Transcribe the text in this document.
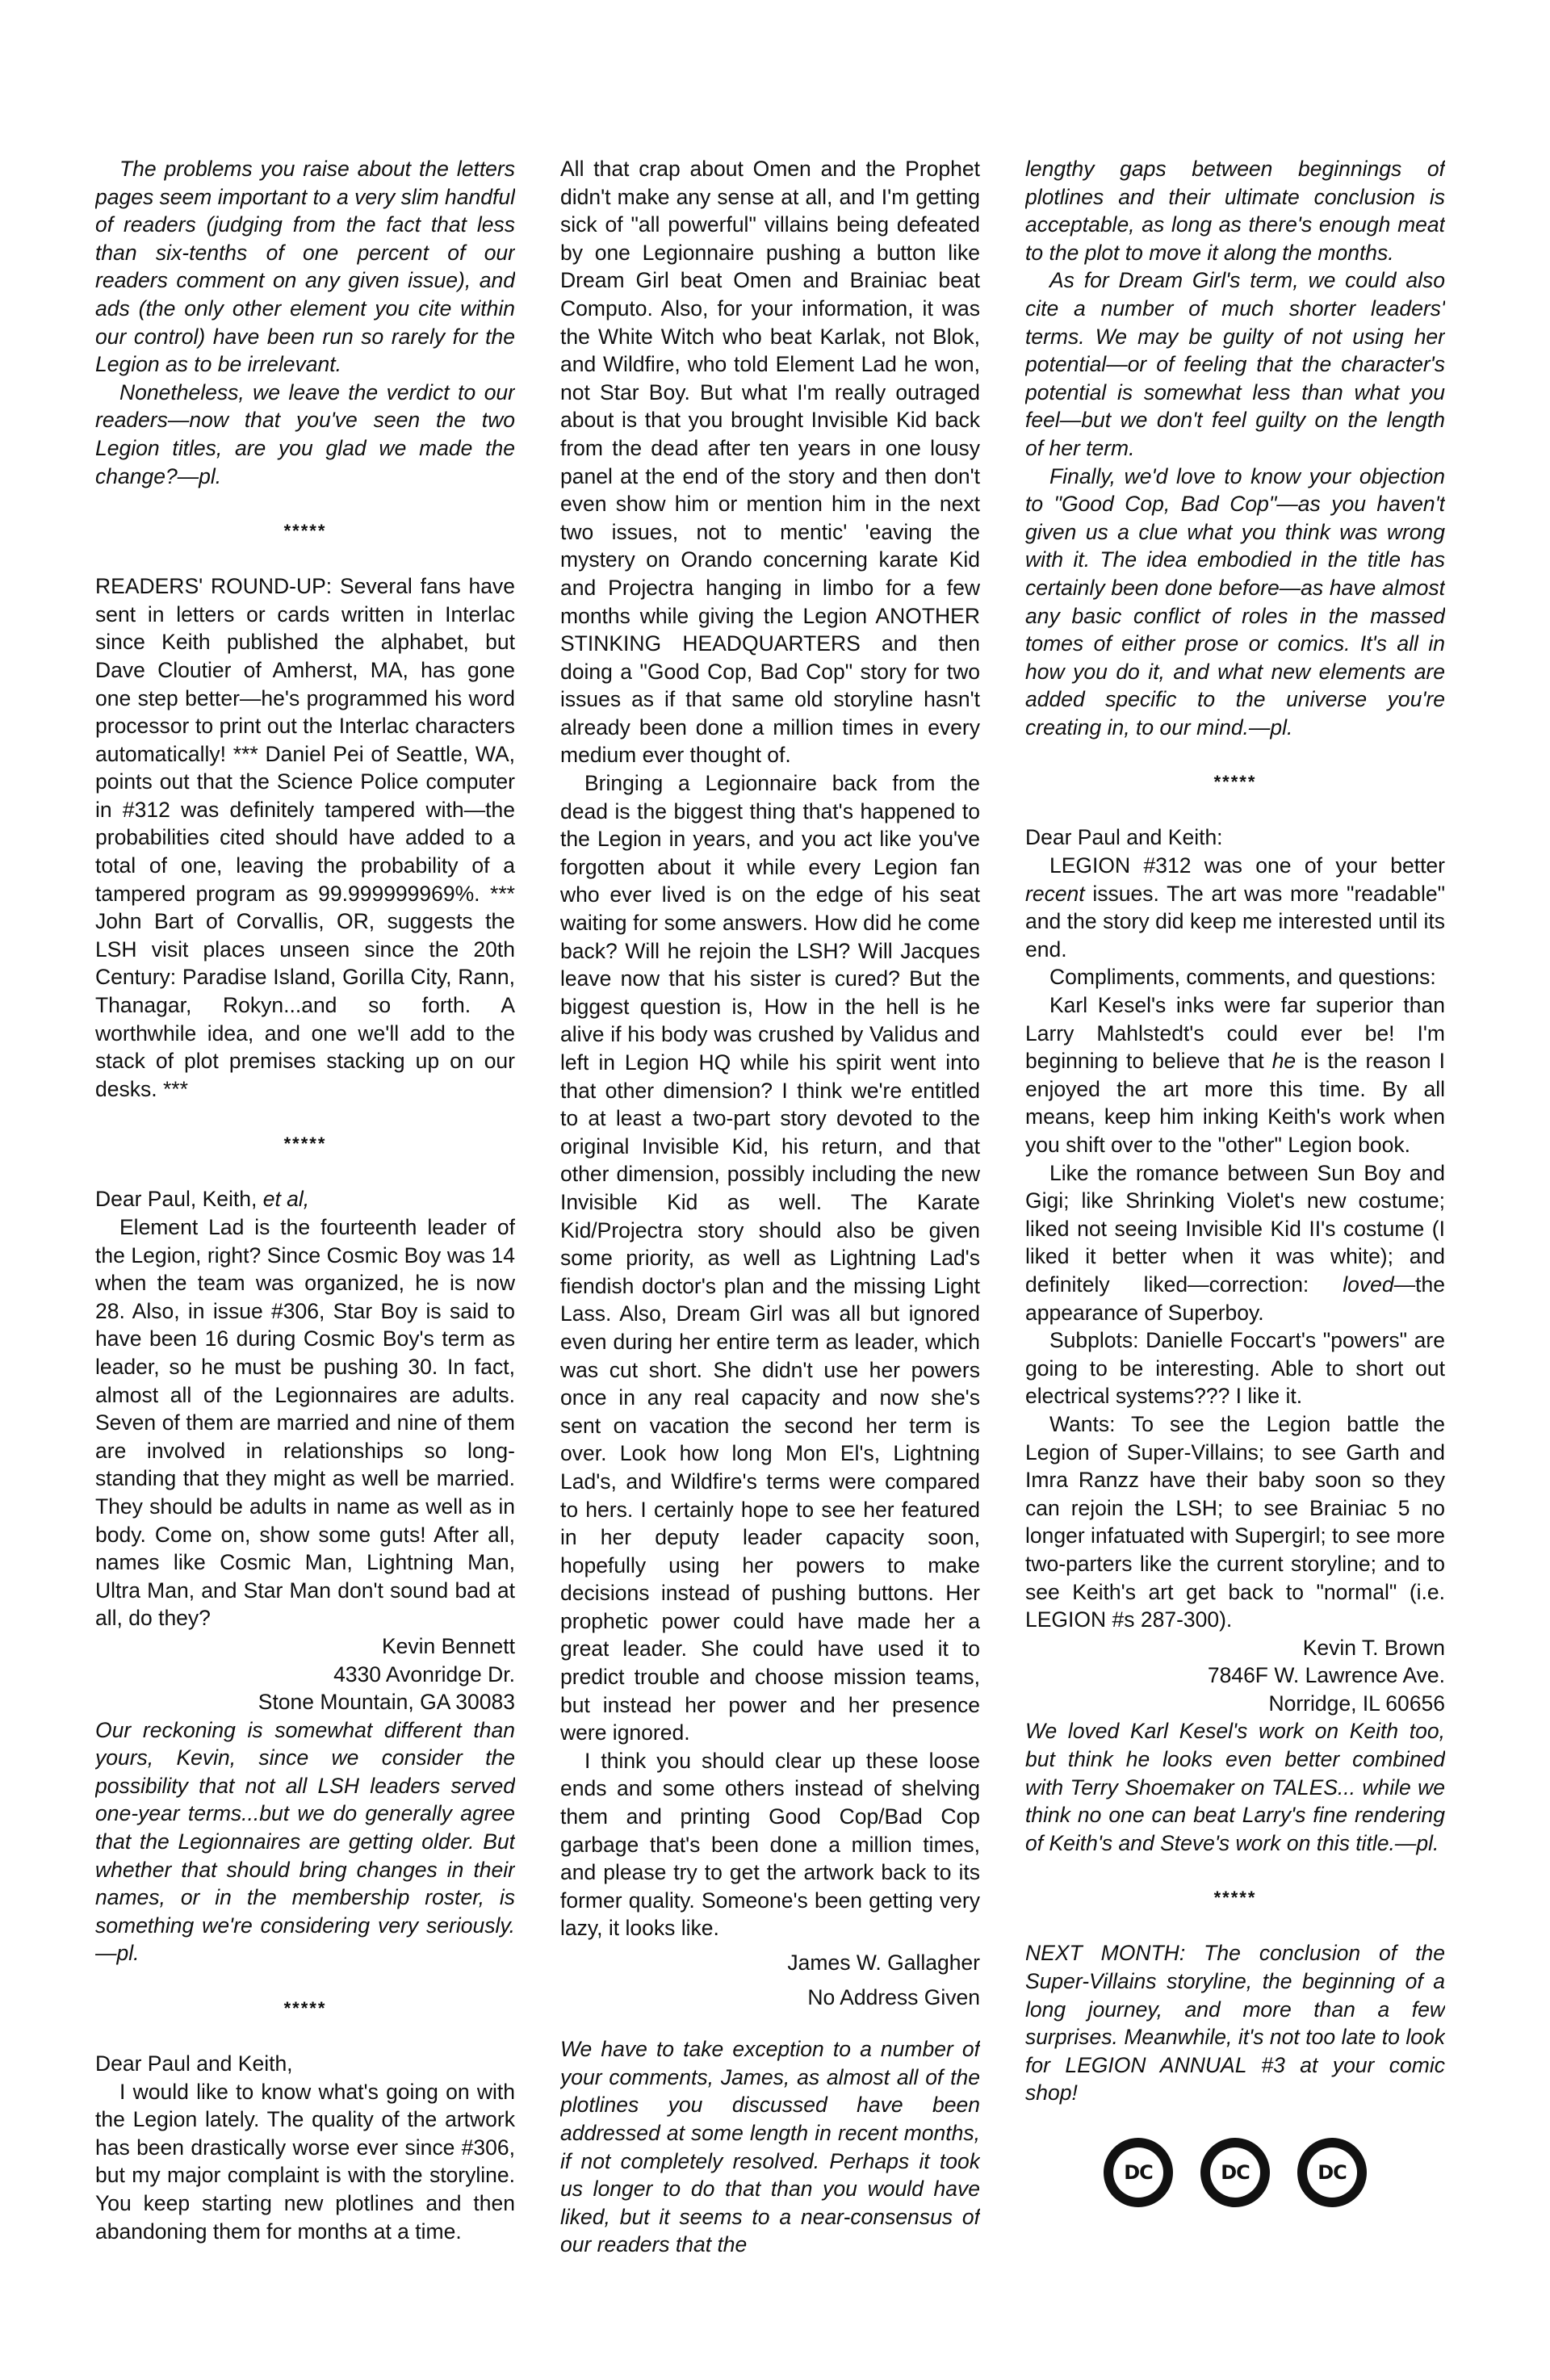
The problems you raise about the letters pages seem important to a very slim handful of readers (judging from the fact that less than six-tenths of one percent of our readers comment on any given issue), and ads (the only other element you cite within our control) have been run so rarely for the Legion as to be irrelevant.

Nonetheless, we leave the verdict to our readers—now that you've seen the two Legion titles, are you glad we made the change?—pl.

*****

READERS' ROUND-UP: Several fans have sent in letters or cards written in Interlac since Keith published the alphabet, but Dave Cloutier of Amherst, MA, has gone one step better—he's programmed his word processor to print out the Interlac characters automatically! *** Daniel Pei of Seattle, WA, points out that the Science Police computer in #312 was definitely tampered with—the probabilities cited should have added to a total of one, leaving the probability of a tampered program as 99.999999969%. *** John Bart of Corvallis, OR, suggests the LSH visit places unseen since the 20th Century: Paradise Island, Gorilla City, Rann, Thanagar, Rokyn...and so forth. A worthwhile idea, and one we'll add to the stack of plot premises stacking up on our desks. ***

*****

Dear Paul, Keith, et al,

Element Lad is the fourteenth leader of the Legion, right? Since Cosmic Boy was 14 when the team was organized, he is now 28. Also, in issue #306, Star Boy is said to have been 16 during Cosmic Boy's term as leader, so he must be pushing 30. In fact, almost all of the Legionnaires are adults. Seven of them are married and nine of them are involved in relationships so long-standing that they might as well be married. They should be adults in name as well as in body. Come on, show some guts! After all, names like Cosmic Man, Lightning Man, Ultra Man, and Star Man don't sound bad at all, do they?

Kevin Bennett

4330 Avonridge Dr.

Stone Mountain, GA 30083

Our reckoning is somewhat different than yours, Kevin, since we consider the possibility that not all LSH leaders served one-year terms...but we do generally agree that the Legionnaires are getting older. But whether that should bring changes in their names, or in the membership roster, is something we're considering very seriously.—pl.

*****

Dear Paul and Keith,

I would like to know what's going on with the Legion lately. The quality of the artwork has been drastically worse ever since #306, but my major complaint is with the storyline. You keep starting new plotlines and then abandoning them for months at a time.

All that crap about Omen and the Prophet didn't make any sense at all, and I'm getting sick of "all powerful" villains being defeated by one Legionnaire pushing a button like Dream Girl beat Omen and Brainiac beat Computo. Also, for your information, it was the White Witch who beat Karlak, not Blok, and Wildfire, who told Element Lad he won, not Star Boy. But what I'm really outraged about is that you brought Invisible Kid back from the dead after ten years in one lousy panel at the end of the story and then don't even show him or mention him in the next two issues, not to mentic' 'eaving the mystery on Orando concerning karate Kid and Projectra hanging in limbo for a few months while giving the Legion ANOTHER STINKING HEADQUARTERS and then doing a "Good Cop, Bad Cop" story for two issues as if that same old storyline hasn't already been done a million times in every medium ever thought of.

Bringing a Legionnaire back from the dead is the biggest thing that's happened to the Legion in years, and you act like you've forgotten about it while every Legion fan who ever lived is on the edge of his seat waiting for some answers. How did he come back? Will he rejoin the LSH? Will Jacques leave now that his sister is cured? But the biggest question is, How in the hell is he alive if his body was crushed by Validus and left in Legion HQ while his spirit went into that other dimension? I think we're entitled to at least a two-part story devoted to the original Invisible Kid, his return, and that other dimension, possibly including the new Invisible Kid as well. The Karate Kid/Projectra story should also be given some priority, as well as Lightning Lad's fiendish doctor's plan and the missing Light Lass. Also, Dream Girl was all but ignored even during her entire term as leader, which was cut short. She didn't use her powers once in any real capacity and now she's sent on vacation the second her term is over. Look how long Mon El's, Lightning Lad's, and Wildfire's terms were compared to hers. I certainly hope to see her featured in her deputy leader capacity soon, hopefully using her powers to make decisions instead of pushing buttons. Her prophetic power could have made her a great leader. She could have used it to predict trouble and choose mission teams, but instead her power and her presence were ignored.

I think you should clear up these loose ends and some others instead of shelving them and printing Good Cop/Bad Cop garbage that's been done a million times, and please try to get the artwork back to its former quality. Someone's been getting very lazy, it looks like.

James W. Gallagher

No Address Given

We have to take exception to a number of your comments, James, as almost all of the plotlines you discussed have been addressed at some length in recent months, if not completely resolved. Perhaps it took us longer to do that than you would have liked, but it seems to a near-consensus of our readers that the

lengthy gaps between beginnings of plotlines and their ultimate conclusion is acceptable, as long as there's enough meat to the plot to move it along the months.

As for Dream Girl's term, we could also cite a number of much shorter leaders' terms. We may be guilty of not using her potential—or of feeling that the character's potential is somewhat less than what you feel—but we don't feel guilty on the length of her term.

Finally, we'd love to know your objection to "Good Cop, Bad Cop"—as you haven't given us a clue what you think was wrong with it. The idea embodied in the title has certainly been done before—as have almost any basic conflict of roles in the massed tomes of either prose or comics. It's all in how you do it, and what new elements are added specific to the universe you're creating in, to our mind.—pl.

*****

Dear Paul and Keith:

LEGION #312 was one of your better recent issues. The art was more "readable" and the story did keep me interested until its end.

Compliments, comments, and questions:

Karl Kesel's inks were far superior than Larry Mahlstedt's could ever be! I'm beginning to believe that he is the reason I enjoyed the art more this time. By all means, keep him inking Keith's work when you shift over to the "other" Legion book.

Like the romance between Sun Boy and Gigi; like Shrinking Violet's new costume; liked not seeing Invisible Kid II's costume (I liked it better when it was white); and definitely liked—correction: loved—the appearance of Superboy.

Subplots: Danielle Foccart's "powers" are going to be interesting. Able to short out electrical systems??? I like it.

Wants: To see the Legion battle the Legion of Super-Villains; to see Garth and Imra Ranzz have their baby soon so they can rejoin the LSH; to see Brainiac 5 no longer infatuated with Supergirl; to see more two-parters like the current storyline; and to see Keith's art get back to "normal" (i.e. LEGION #s 287-300).

Kevin T. Brown

7846F W. Lawrence Ave.

Norridge, IL 60656

We loved Karl Kesel's work on Keith too, but think he looks even better combined with Terry Shoemaker on TALES... while we think no one can beat Larry's fine rendering of Keith's and Steve's work on this title.—pl.

*****

NEXT MONTH: The conclusion of the Super-Villains storyline, the beginning of a long journey, and more than a few surprises. Meanwhile, it's not too late to look for LEGION ANNUAL #3 at your comic shop!

DC	DC	DC
